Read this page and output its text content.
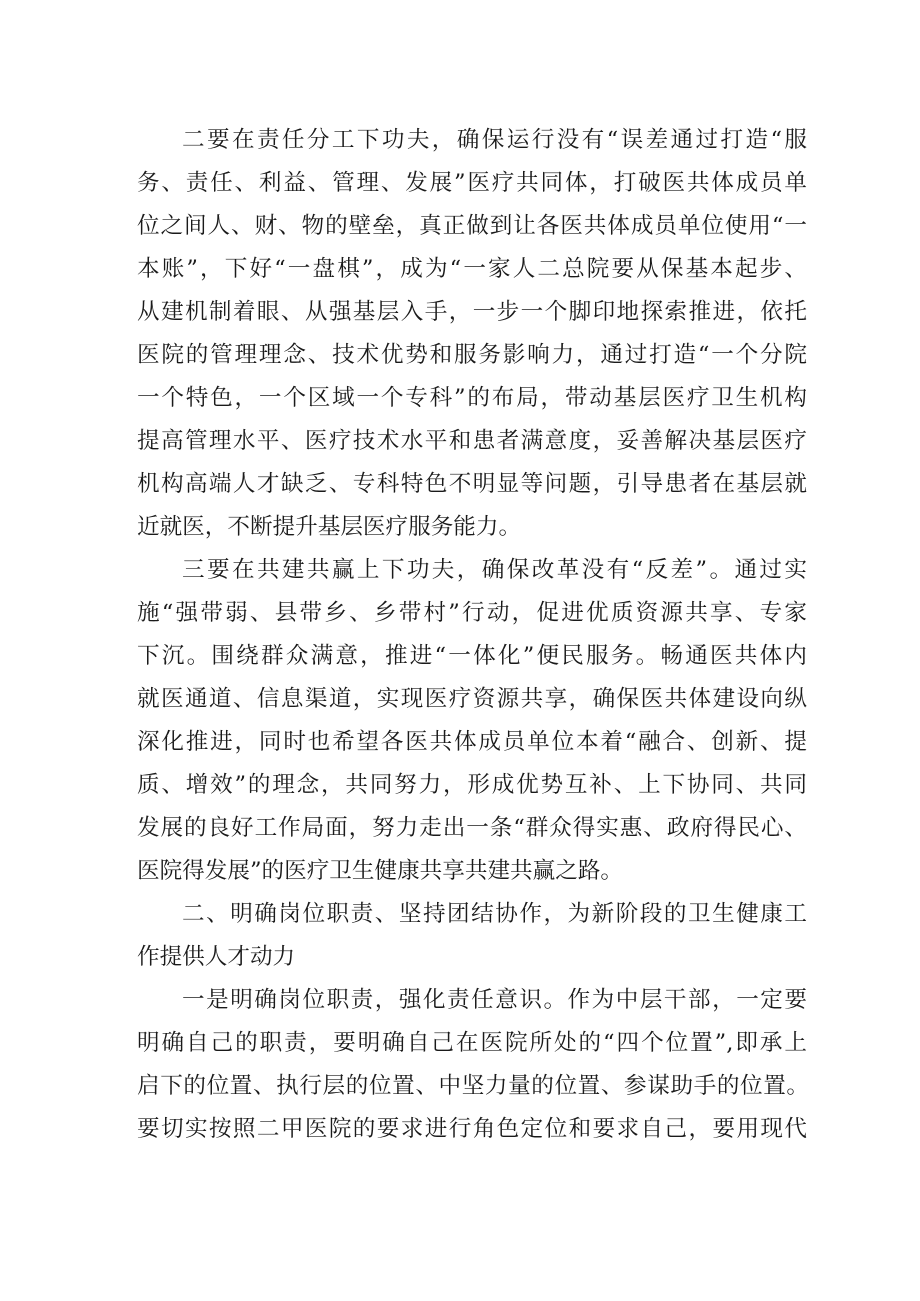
二要在责任分工下功夫，确保运行没有“误差通过打造“服

务、责任、利益、管理、发展”医疗共同体，打破医共体成员单

位之间人、财、物的壁垒，真正做到让各医共体成员单位使用“一

本账”，下好“一盘棋”，成为“一家人二总院要从保基本起步、

从建机制着眼、从强基层入手，一步一个脚印地探索推进，依托

医院的管理理念、技术优势和服务影响力，通过打造“一个分院

一个特色，一个区域一个专科”的布局，带动基层医疗卫生机构

提高管理水平、医疗技术水平和患者满意度，妥善解决基层医疗

机构高端人才缺乏、专科特色不明显等问题，引导患者在基层就

近就医，不断提升基层医疗服务能力。

三要在共建共赢上下功夫，确保改革没有“反差”。通过实

施“强带弱、县带乡、乡带村”行动，促进优质资源共享、专家

下沉。围绕群众满意，推进“一体化”便民服务。畅通医共体内

就医通道、信息渠道，实现医疗资源共享，确保医共体建设向纵

深化推进，同时也希望各医共体成员单位本着“融合、创新、提

质、增效”的理念，共同努力，形成优势互补、上下协同、共同

发展的良好工作局面，努力走出一条“群众得实惠、政府得民心、

医院得发展”的医疗卫生健康共享共建共赢之路。

二、明确岗位职责、坚持团结协作，为新阶段的卫生健康工

作提供人才动力

一是明确岗位职责，强化责任意识。作为中层干部，一定要

明确自己的职责，要明确自己在医院所处的“四个位置”,即承上

启下的位置、执行层的位置、中坚力量的位置、参谋助手的位置。

要切实按照二甲医院的要求进行角色定位和要求自己，要用现代
